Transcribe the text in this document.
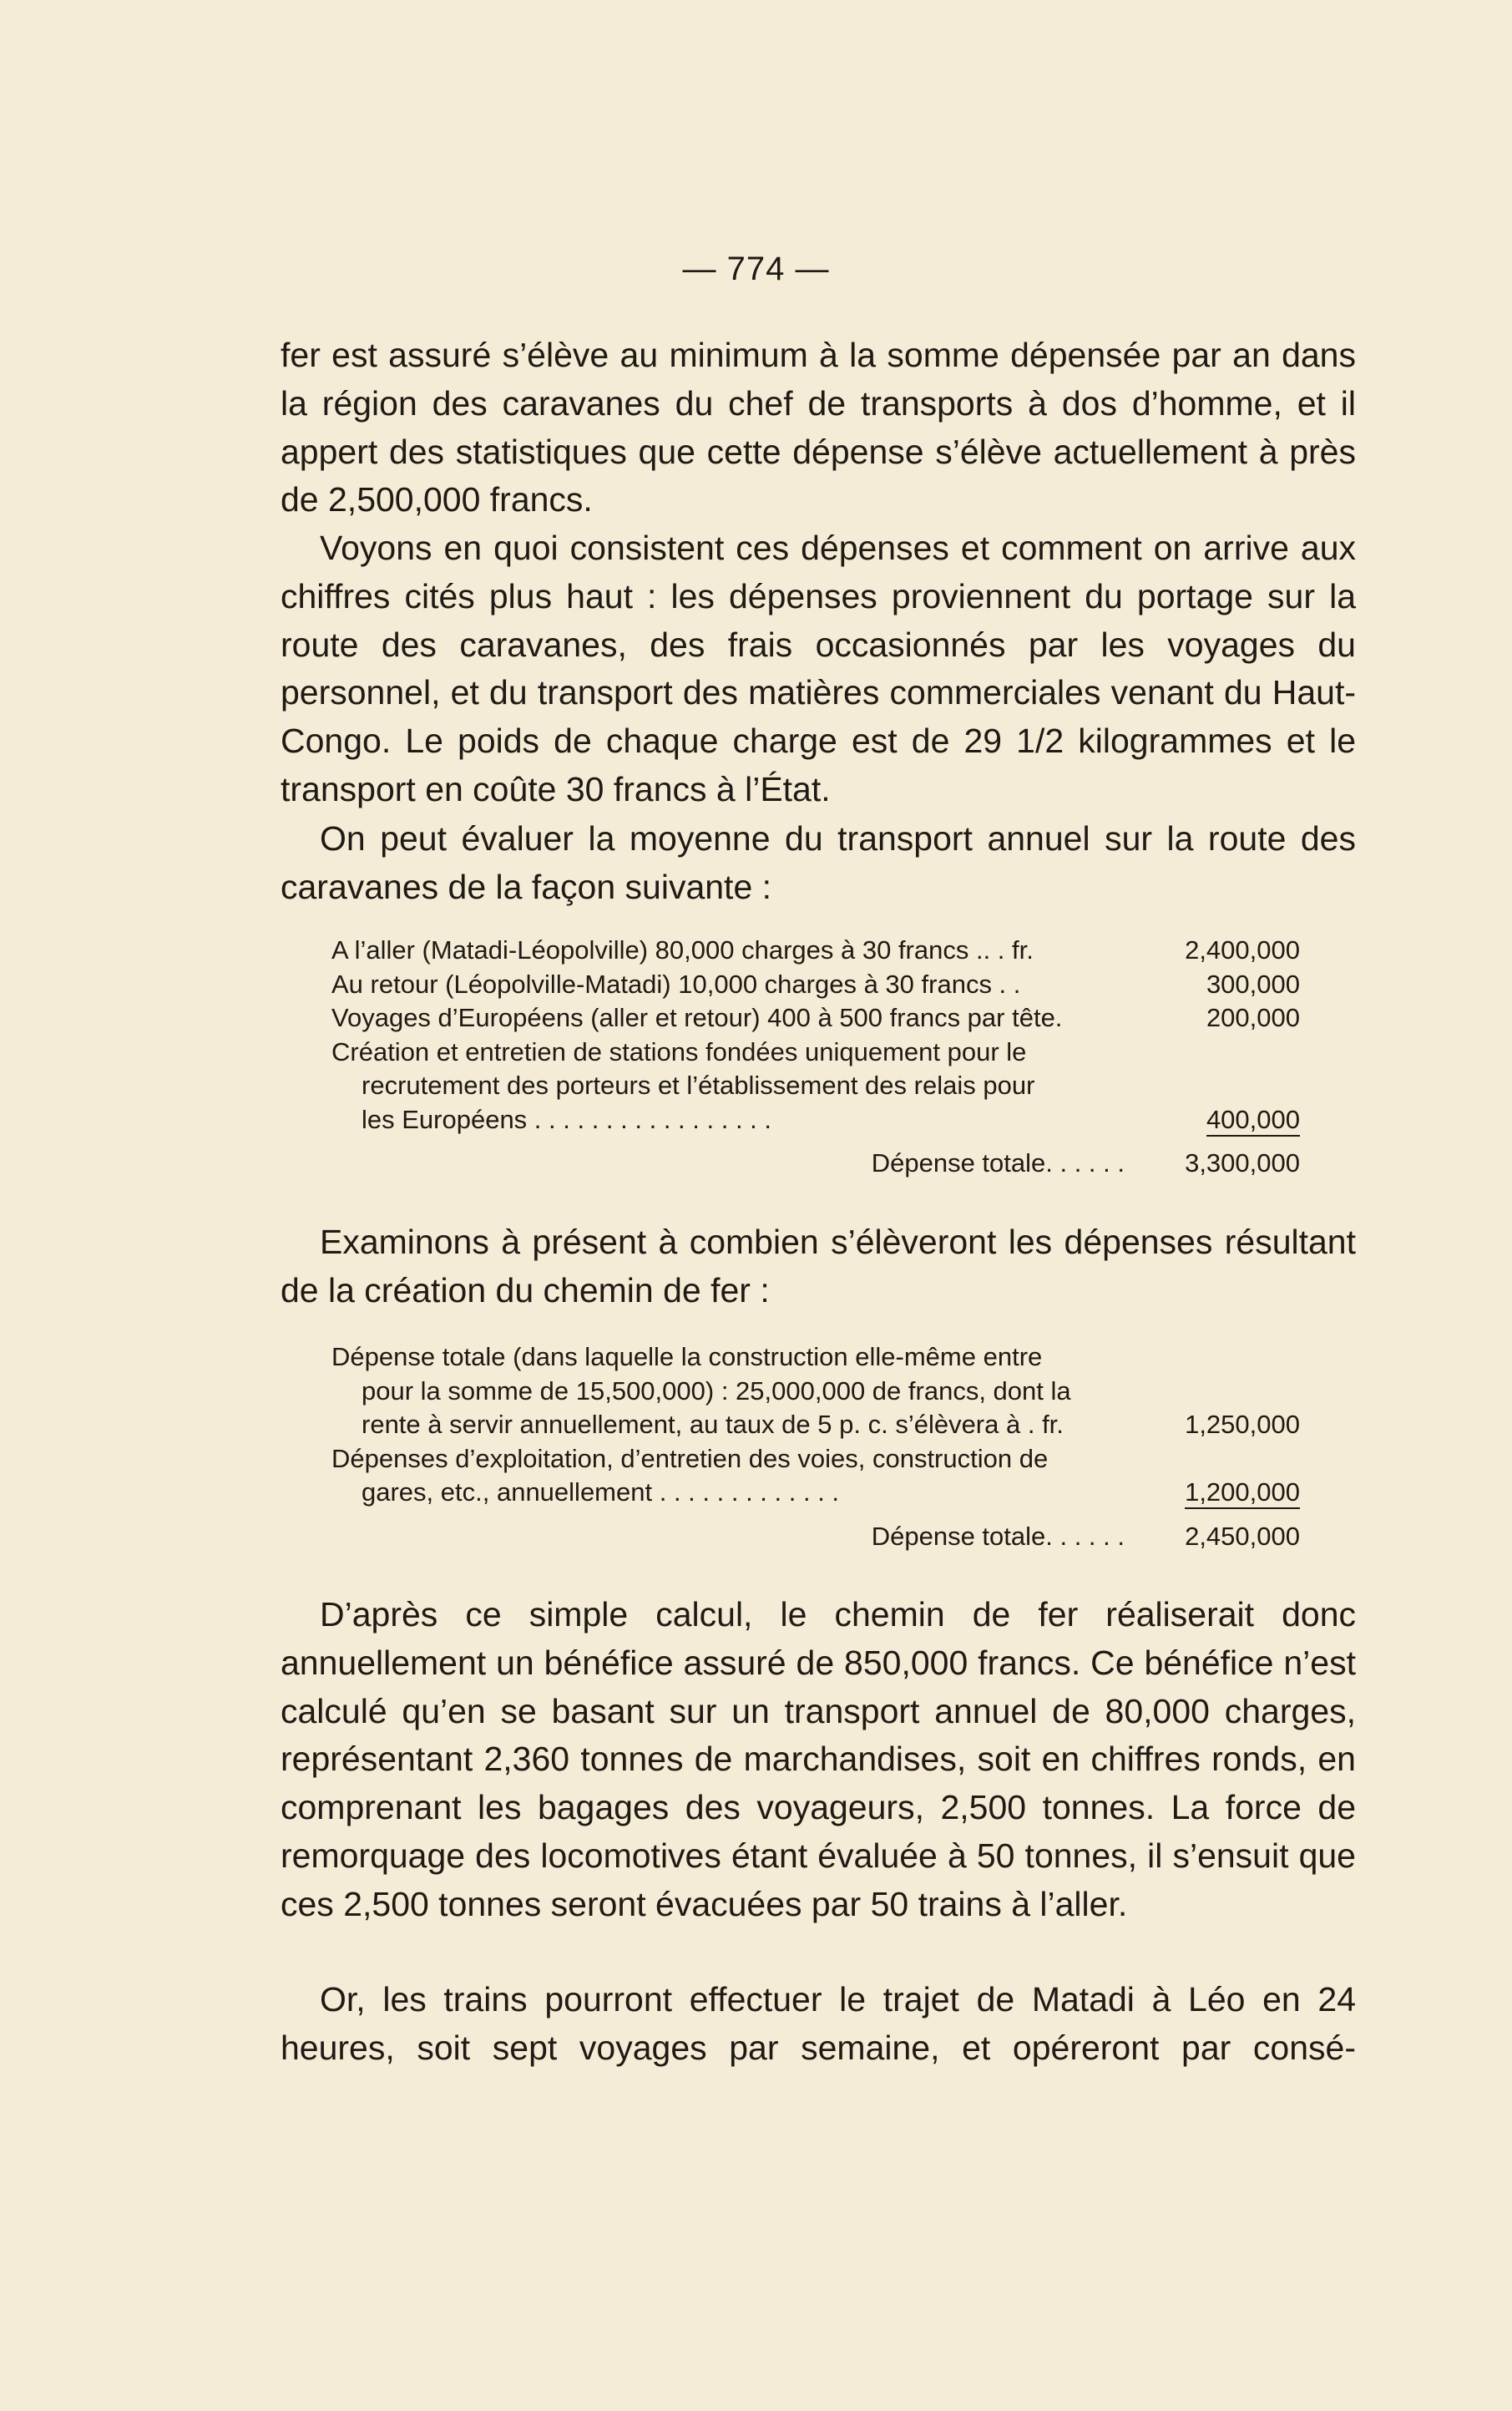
— 774 —

fer est assuré s’élève au minimum à la somme dépensée par an dans la région des caravanes du chef de transports à dos d’homme, et il appert des statistiques que cette dépense s’élève actuellement à près de 2,500,000 francs.

Voyons en quoi consistent ces dépenses et comment on arrive aux chiffres cités plus haut : les dépenses proviennent du portage sur la route des caravanes, des frais occasionnés par les voyages du personnel, et du transport des matières commerciales venant du Haut-Congo. Le poids de chaque charge est de 29 1/2 kilogrammes et le transport en coûte 30 francs à l’État.

On peut évaluer la moyenne du transport annuel sur la route des caravanes de la façon suivante :

A l’aller (Matadi-Léopolville) 80,000 charges à 30 francs .. . fr.	2,400,000
Au retour (Léopolville-Matadi) 10,000 charges à 30 francs . .	300,000
Voyages d’Européens (aller et retour) 400 à 500 francs par tête.	200,000
Création et entretien de stations fondées uniquement pour le
recrutement des porteurs et l’établissement des relais pour
les Européens . . . . . . . . . . . . . . . . .	400,000
Dépense totale. . . . . .	3,300,000

Examinons à présent à combien s’élèveront les dépenses résultant de la création du chemin de fer :

Dépense totale (dans laquelle la construction elle-même entre
pour la somme de 15,500,000) : 25,000,000 de francs, dont la
rente à servir annuellement, au taux de 5 p. c. s’élèvera à . fr.	1,250,000
Dépenses d’exploitation, d’entretien des voies, construction de
gares, etc., annuellement . . . . . . . . . . . . .	1,200,000
Dépense totale. . . . . .	2,450,000

D’après ce simple calcul, le chemin de fer réaliserait donc annuellement un bénéfice assuré de 850,000 francs. Ce bénéfice n’est calculé qu’en se basant sur un transport annuel de 80,000 charges, représentant 2,360 tonnes de marchandises, soit en chiffres ronds, en comprenant les bagages des voyageurs, 2,500 tonnes. La force de remorquage des locomotives étant évaluée à 50 tonnes, il s’ensuit que ces 2,500 tonnes seront évacuées par 50 trains à l’aller.

Or, les trains pourront effectuer le trajet de Matadi à Léo en 24 heures, soit sept voyages par semaine, et opéreront par consé-
